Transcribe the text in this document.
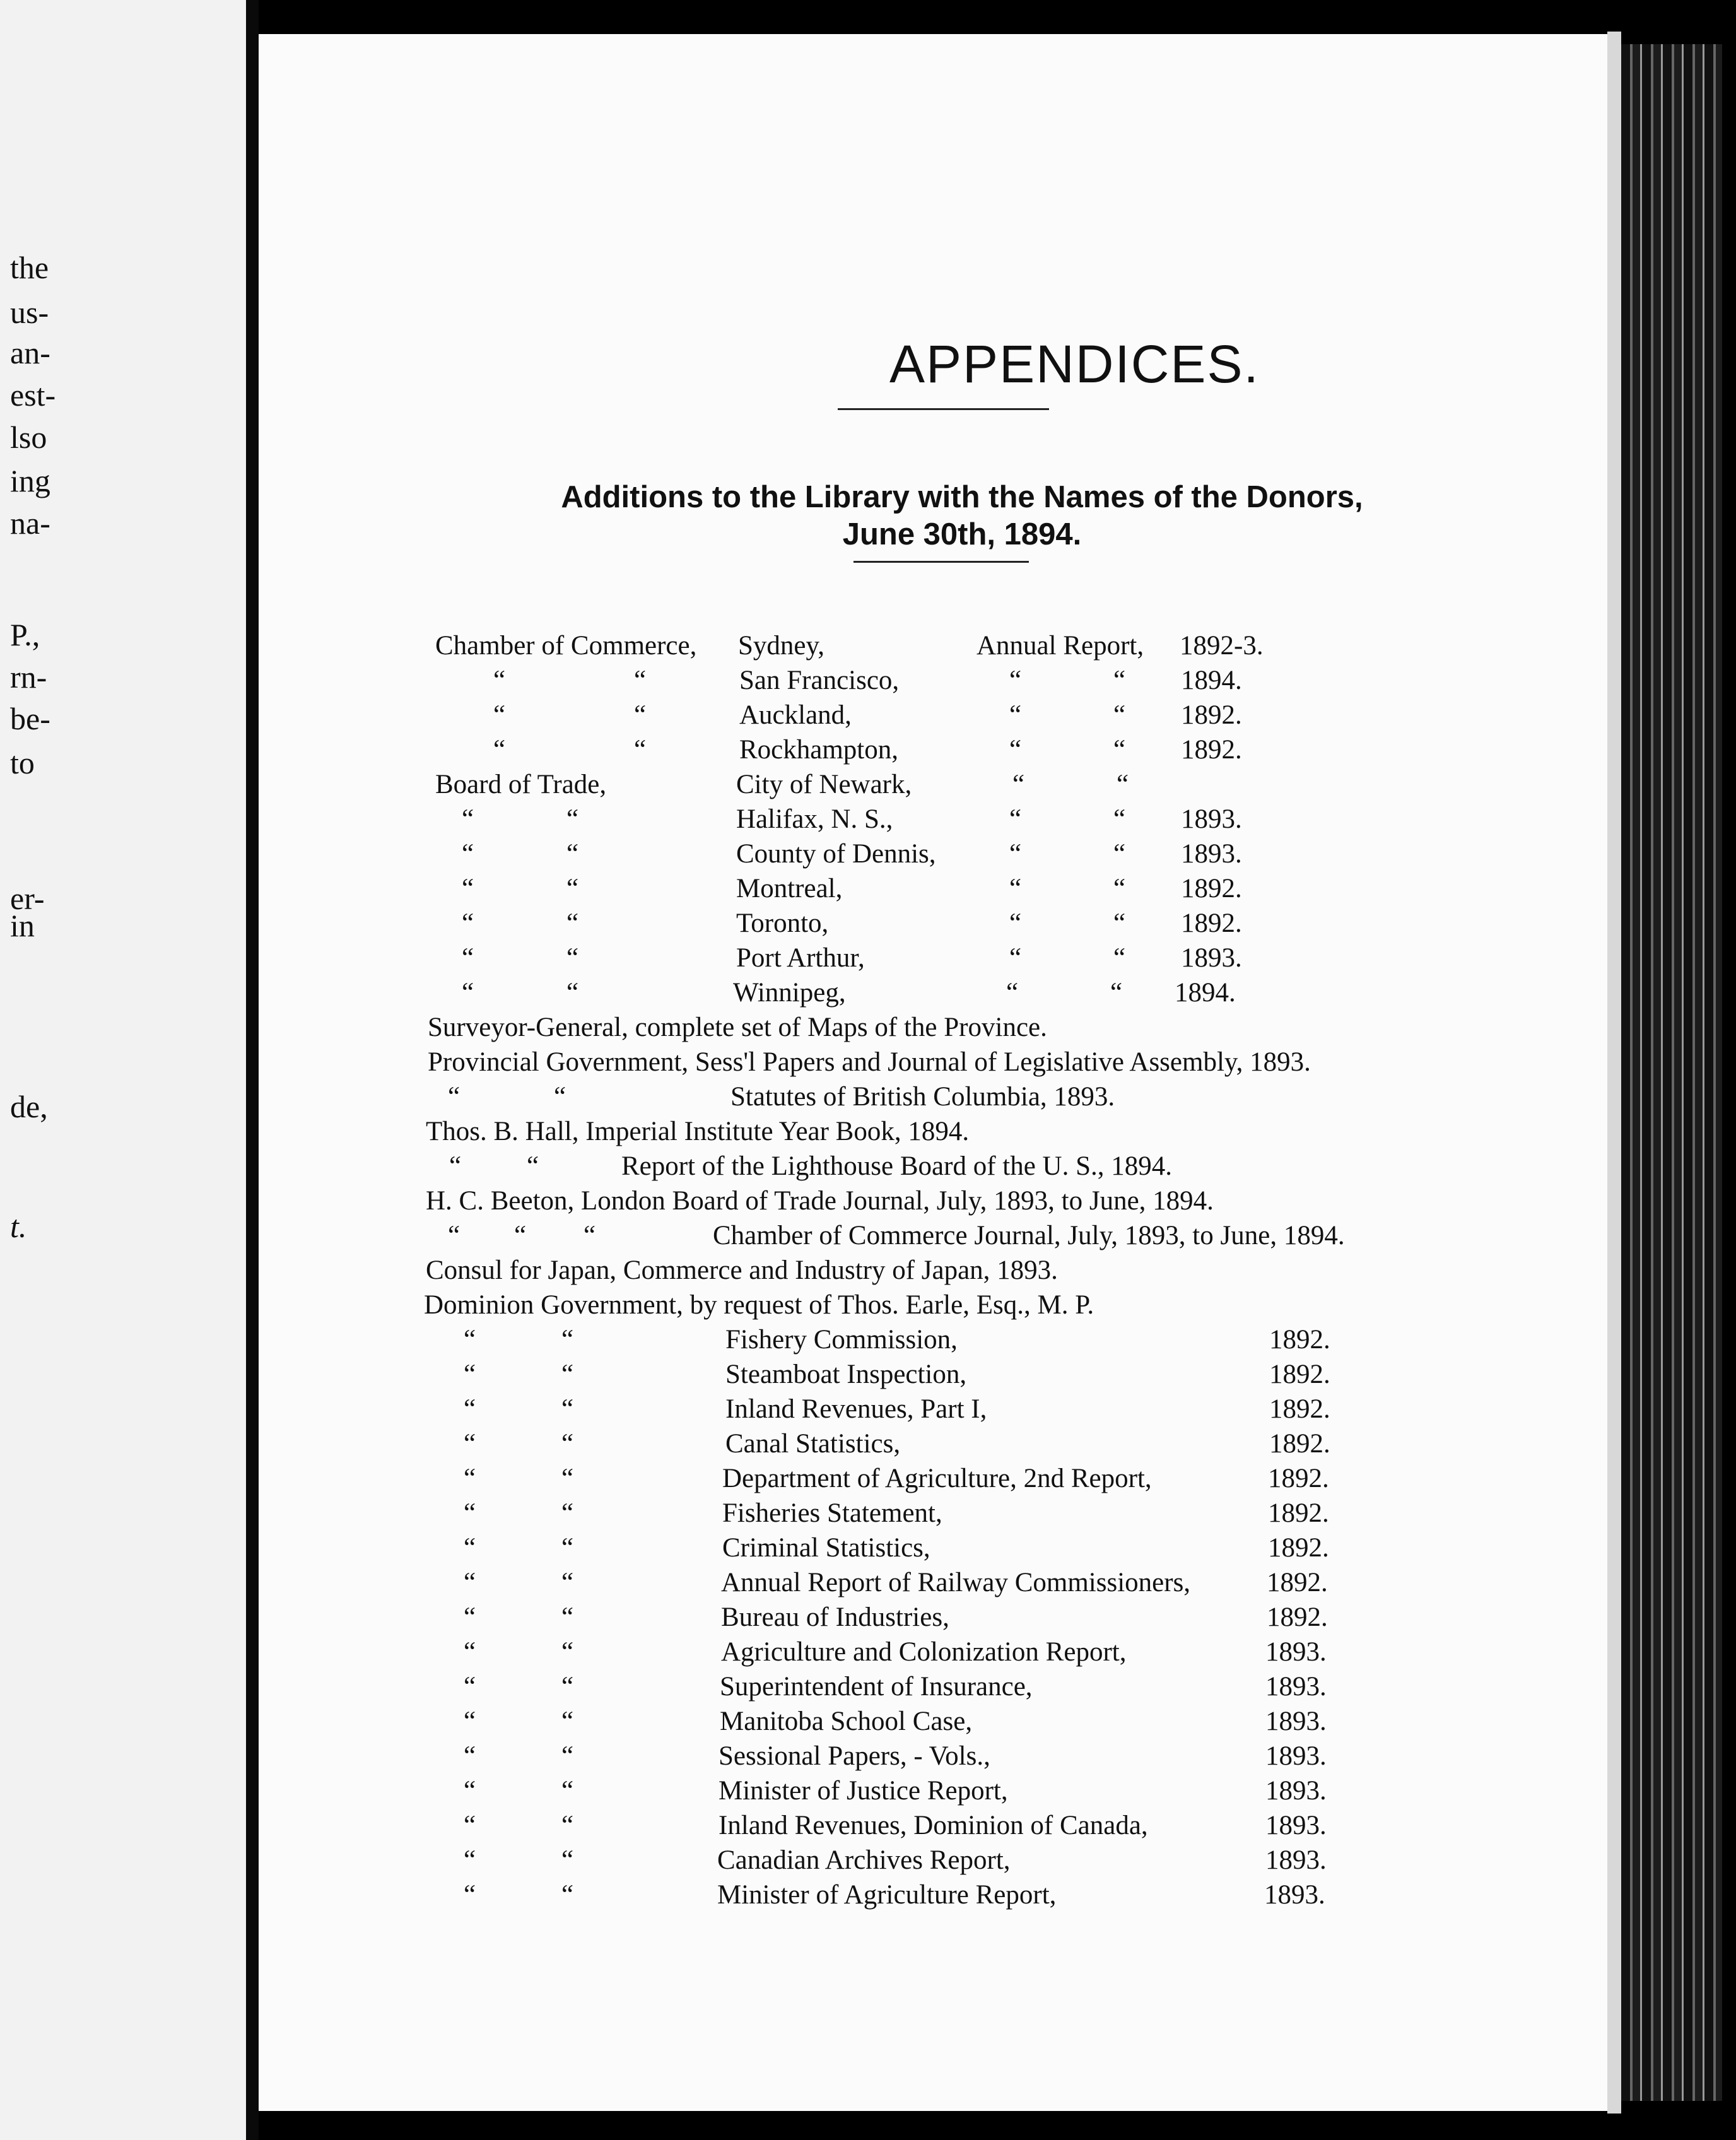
the
us-
an-
est-
lso
ing
na-
P.,
rn-
be-
to
er-
in
de,
t.
APPENDICES.
Additions to the Library with the Names of the Donors,
June 30th, 1894.
Chamber of Commerce, Sydney,	Annual Report, 1892-3.
“	“	San Francisco,	“	“ 1894.
“	“	Auckland,	“	“ 1892.
“	“	Rockhampton,	“	“ 1892.
Board of Trade,	City of Newark,	“	“
“	“	Halifax, N. S.,	“	“ 1893.
“	“	County of Dennis,	“	“ 1893.
“	“	Montreal,	“	“ 1892.
“	“	Toronto,	“	“ 1892.
“	“	Port Arthur,	“	“ 1893.
“	“	Winnipeg,	“	“ 1894.
Surveyor-General, complete set of Maps of the Province.
Provincial Government, Sess'l Papers and Journal of Legislative Assembly, 1893.
“	“	Statutes of British Columbia, 1893.
Thos. B. Hall, Imperial Institute Year Book, 1894.
“ “	Report of the Lighthouse Board of the U. S., 1894.
H. C. Beeton, London Board of Trade Journal, July, 1893, to June, 1894.
“ “ “	Chamber of Commerce Journal, July, 1893, to June, 1894.
Consul for Japan, Commerce and Industry of Japan, 1893.
Dominion Government, by request of Thos. Earle, Esq., M. P.
“	“	Fishery Commission,	1892.
“	“	Steamboat Inspection,	1892.
“	“	Inland Revenues, Part I,	1892.
“	“	Canal Statistics,	1892.
“	“	Department of Agriculture, 2nd Report,	1892.
“	“	Fisheries Statement,	1892.
“	“	Criminal Statistics,	1892.
“	“	Annual Report of Railway Commissioners,	1892.
“	“	Bureau of Industries,	1892.
“	“	Agriculture and Colonization Report,	1893.
“	“	Superintendent of Insurance,	1893.
“	“	Manitoba School Case,	1893.
“	“	Sessional Papers, - Vols.,	1893.
“	“	Minister of Justice Report,	1893.
“	“	Inland Revenues, Dominion of Canada,	1893.
“	“	Canadian Archives Report,	1893.
“	“	Minister of Agriculture Report,	1893.
